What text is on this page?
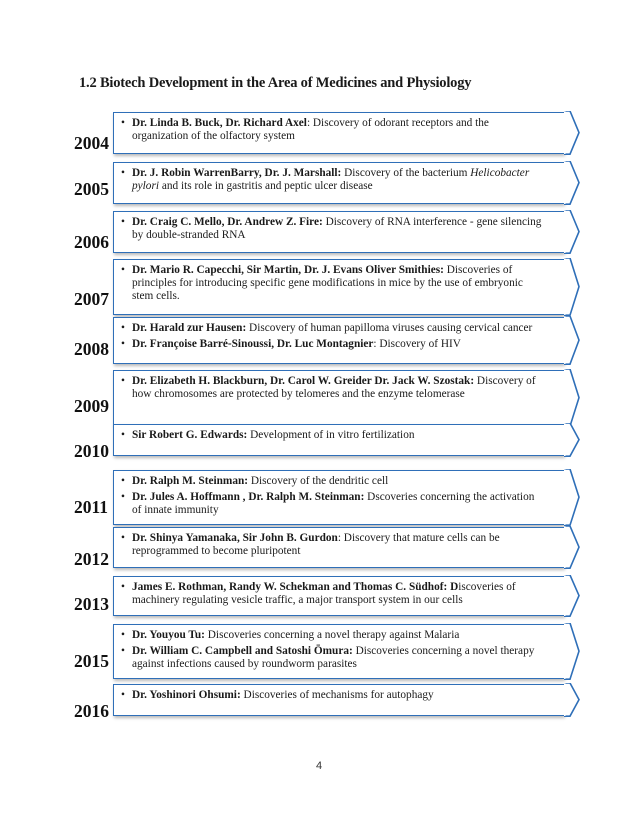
1.2 Biotech Development in the Area of Medicines and Physiology
• Dr. Linda B. Buck, Dr. Richard Axel: Discovery of odorant receptors and the organization of the olfactory system
2004
• Dr. J. Robin WarrenBarry, Dr. J. Marshall: Discovery of the bacterium Helicobacter pylori and its role in gastritis and peptic ulcer disease
2005
• Dr. Craig C. Mello, Dr. Andrew Z. Fire: Discovery of RNA interference - gene silencing by double-stranded RNA
2006
• Dr. Mario R. Capecchi, Sir Martin, Dr. J. Evans Oliver Smithies: Discoveries of principles for introducing specific gene modifications in mice by the use of embryonic stem cells.
2007
• Dr. Harald zur Hausen: Discovery of human papilloma viruses causing cervical cancer
• Dr. Françoise Barré-Sinoussi, Dr. Luc Montagnier: Discovery of HIV
2008
• Dr. Elizabeth H. Blackburn, Dr. Carol W. Greider Dr. Jack W. Szostak: Discovery of how chromosomes are protected by telomeres and the enzyme telomerase
2009
• Sir Robert G. Edwards: Development of in vitro fertilization
2010
• Dr. Ralph M. Steinman: Discovery of the dendritic cell
• Dr. Jules A. Hoffmann , Dr. Ralph M. Steinman: Dscoveries concerning the activation of innate immunity
2011
• Dr. Shinya Yamanaka, Sir John B. Gurdon: Discovery that mature cells can be reprogrammed to become pluripotent
2012
• James E. Rothman, Randy W. Schekman and Thomas C. Südhof: Discoveries of machinery regulating vesicle traffic, a major transport system in our cells
2013
• Dr. Youyou Tu: Discoveries concerning a novel therapy against Malaria
• Dr. William C. Campbell and Satoshi Ōmura: Discoveries concerning a novel therapy against infections caused by roundworm parasites
2015
• Dr. Yoshinori Ohsumi: Discoveries of mechanisms for autophagy
2016
4
